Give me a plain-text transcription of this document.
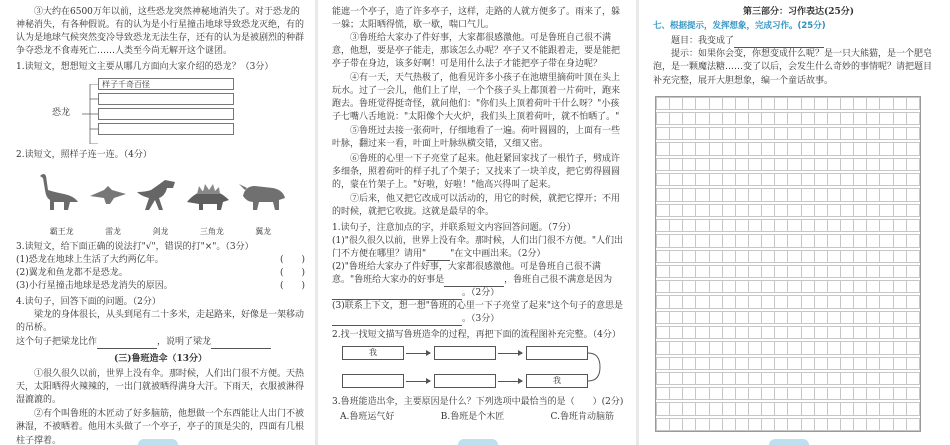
③大约在6500万年以前，这些恐龙突然神秘地消失了。对于恐龙的神秘消失，有各种假说。有的认为是小行星撞击地球导致恐龙灭绝，有的认为是地球气候突然变冷导致恐龙无法生存，还有的认为是被剧烈的种群争夺恐龙不食毒死亡……人类至今尚无解开这个谜团。

1.读短文，想想短文主要从哪几方面向大家介绍的恐龙？（3分）

恐龙
样子千奇百怪

2.读短文，照样子连一连。（4分）

霸王龙	雷龙	剑龙	三角龙	翼龙

3.读短文，给下面正确的说法打"√"，错误的打"×"。（3分）

(1)恐龙在地球上生活了大约两亿年。	(　　)
(2)翼龙和鱼龙都不是恐龙。	(　　)
(3)小行星撞击地球是恐龙消失的原因。	(　　)

4.读句子，回答下面的问题。（2分）

梁龙的身体很长，从头到尾有二十多米，走起路来，好像是一架移动的吊桥。

这个句子把梁龙比作	，说明了梁龙

(三)鲁班造伞（13分）

①很久很久以前，世界上没有伞。那时候，人们出门很不方便。天热天，太阳晒得火辣辣的，一出门就被晒得满身大汗。下雨天，衣服被淋得湿漉漉的。

②有个叫鲁班的木匠动了好多脑筋，他想做一个东西能让人出门不被淋湿，不被晒着。他用木头做了一个亭子，亭子的顶是尖的，四面有几根柱子撑着。

能遮一个亭子，造了许多亭子，这样，走路的人就方便多了。雨来了，躲一躲；太阳晒得慌，歇一歇，喘口气儿。

③鲁班给大家办了件好事，大家都很感激他。可是鲁班自己很不满意，他想，要是亭子能走，那该怎么办呢？亭子又不能跟着走，要是能把亭子带在身边，该多好啊！可是用什么法子才能把亭子带在身边呢？

④有一天，天气热极了，他看见许多小孩子在池塘里摘荷叶顶在头上玩水。过了一会儿，他们上了岸，一个个孩子头上都顶着一片荷叶，跑来跑去。鲁班觉得挺奇怪，就问他们："你们头上顶着荷叶干什么呀？"小孩子七嘴八舌地说："太阳像个大火炉，我们头上顶着荷叶，就不怕晒了。"

⑤鲁班过去接一张荷叶，仔细地看了一遍。荷叶圆圆的，上面有一些叶脉，翻过来一看，叶面上叶脉纵横交错，又细又密。

⑥鲁班的心里一下子亮堂了起来。他赶紧回家找了一根竹子，劈成许多细条，照着荷叶的样子扎了个架子；又找来了一块羊皮，把它剪得圆圆的，蒙在竹架子上。"好啦，好啦！"他高兴得叫了起来。

⑦后来，他又把它改成可以活动的，用它的时候，就把它撑开；不用的时候，就把它收拢。这就是最早的伞。

1.读句子，注意加点的字，并联系短文内容回答问题。（7分）

(1)"很久很久以前，世界上没有伞。那时候，人们出门很不方便。"人们出门不方便在哪里？请用"	"在文中画出来。（2分）

(2)"鲁班给大家办了件好事，大家都很感激他。可是鲁班自己很不满意。"鲁班给大家办的好事是	，鲁班自己很不满意是因为。（2分）

(3)联系上下文，想一想"鲁班的心里一下子亮堂了起来"这个句子的意思是。（3分）

2.找一找短文描写鲁班造伞的过程，再把下面的流程图补充完整。（4分）

我
我

3.鲁班能造出伞，主要原因是什么？下列选项中最恰当的是（　　）(2分)

A.鲁班运气好	B.鲁班是个木匠	C.鲁班肯动脑筋

第三部分：习作表达(25分)

七、根据提示，发挥想象，完成习作。(25分)

题目：我变成了

提示：如果你会变，你想变成什么呢？是一只大熊猫，是一个肥皂泡，是一颗魔法糖……变了以后，会发生什么奇妙的事情呢？请把题目补充完整，展开大胆想象，编一个童话故事。
